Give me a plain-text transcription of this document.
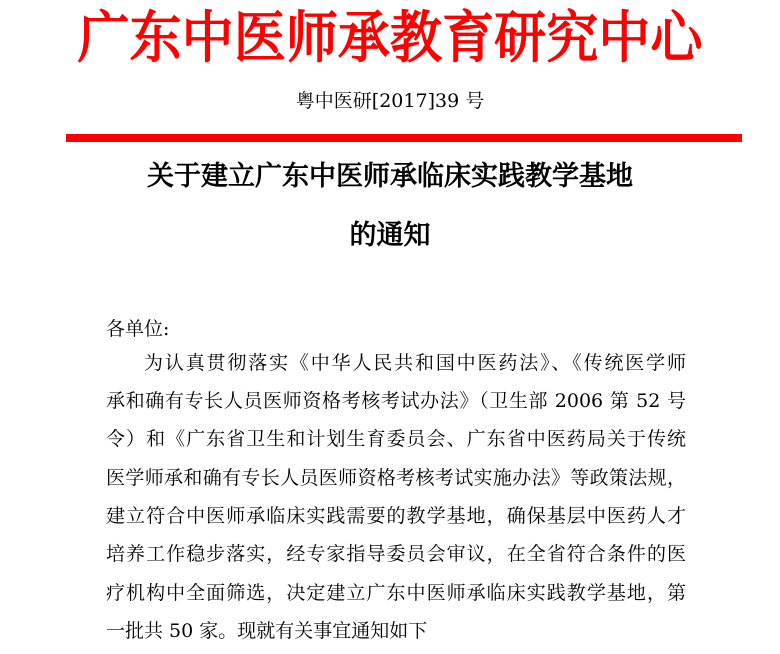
广东中医师承教育研究中心
粤中医研[2017]39 号
关于建立广东中医师承临床实践教学基地
的通知
各单位:
为认真贯彻落实《中华人民共和国中医药法》、《传统医学师
承和确有专长人员医师资格考核考试办法》（卫生部 2006 第 52 号
令）和《广东省卫生和计划生育委员会、广东省中医药局关于传统
医学师承和确有专长人员医师资格考核考试实施办法》等政策法规，
建立符合中医师承临床实践需要的教学基地，确保基层中医药人才
培养工作稳步落实，经专家指导委员会审议，在全省符合条件的医
疗机构中全面筛选，决定建立广东中医师承临床实践教学基地，第
一批共 50 家。现就有关事宜通知如下
